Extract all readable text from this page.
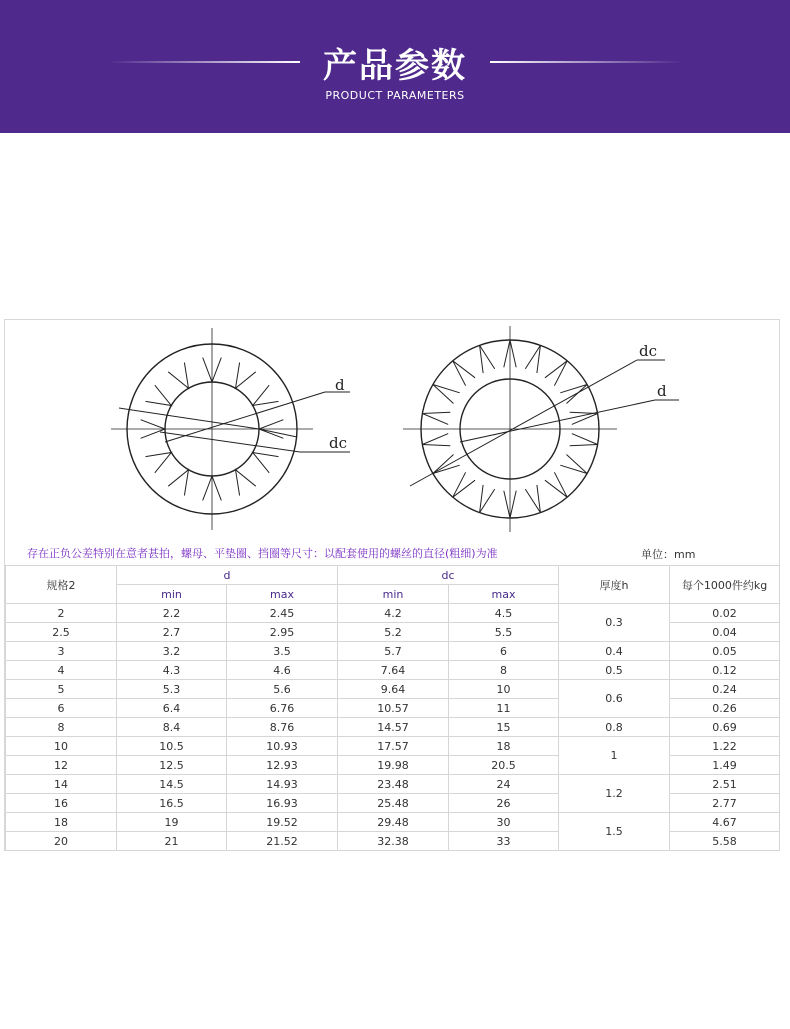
产品参数
PRODUCT PARAMETERS
d
dc
dc
d
存在正负公差特别在意者甚拍，螺母、平垫圈、挡圈等尺寸：以配套使用的螺丝的直径(粗细)为准	单位：mm
规格2	d		dc		厚度h	每个1000件约kg
	min	max	min	max		
2	2.2	2.45	4.2	4.5	0.3	0.02
2.5	2.7	2.95	5.2	5.5		0.04
3	3.2	3.5	5.7	6	0.4	0.05
4	4.3	4.6	7.64	8	0.5	0.12
5	5.3	5.6	9.64	10	0.6	0.24
6	6.4	6.76	10.57	11		0.26
8	8.4	8.76	14.57	15	0.8	0.69
10	10.5	10.93	17.57	18	1	1.22
12	12.5	12.93	19.98	20.5		1.49
14	14.5	14.93	23.48	24	1.2	2.51
16	16.5	16.93	25.48	26		2.77
18	19	19.52	29.48	30	1.5	4.67
20	21	21.52	32.38	33		5.58
